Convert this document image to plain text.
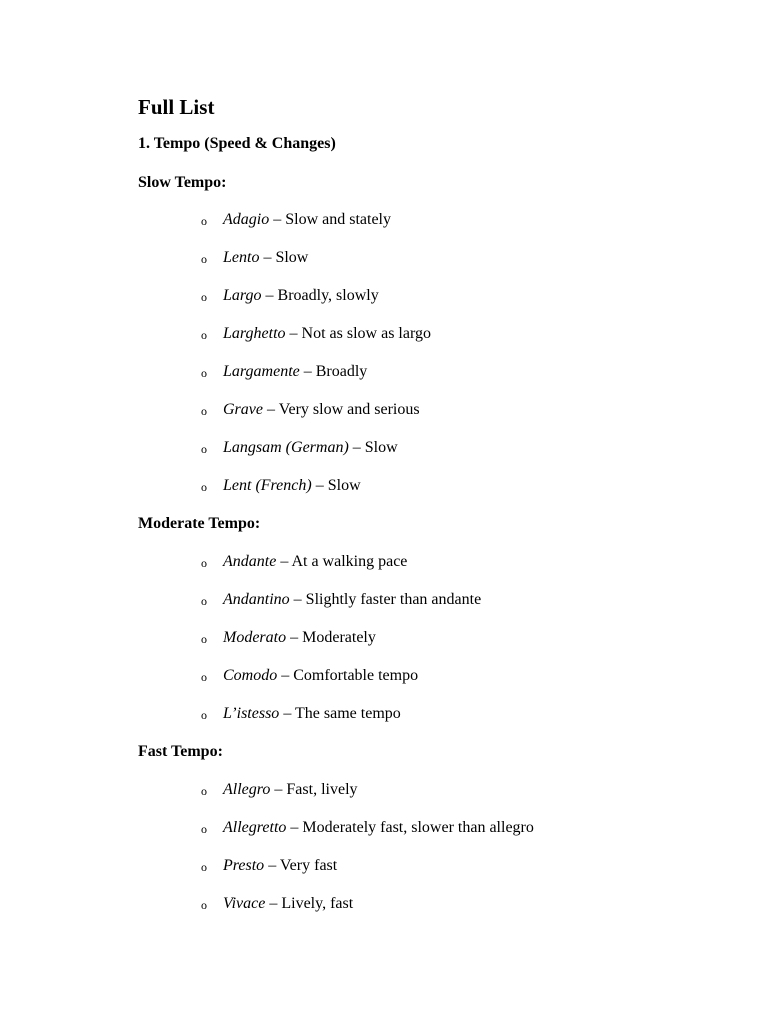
Full List
1. Tempo (Speed & Changes)
Slow Tempo:
o Adagio – Slow and stately
o Lento – Slow
o Largo – Broadly, slowly
o Larghetto – Not as slow as largo
o Largamente – Broadly
o Grave – Very slow and serious
o Langsam (German) – Slow
o Lent (French) – Slow
Moderate Tempo:
o Andante – At a walking pace
o Andantino – Slightly faster than andante
o Moderato – Moderately
o Comodo – Comfortable tempo
o L’istesso – The same tempo
Fast Tempo:
o Allegro – Fast, lively
o Allegretto – Moderately fast, slower than allegro
o Presto – Very fast
o Vivace – Lively, fast
